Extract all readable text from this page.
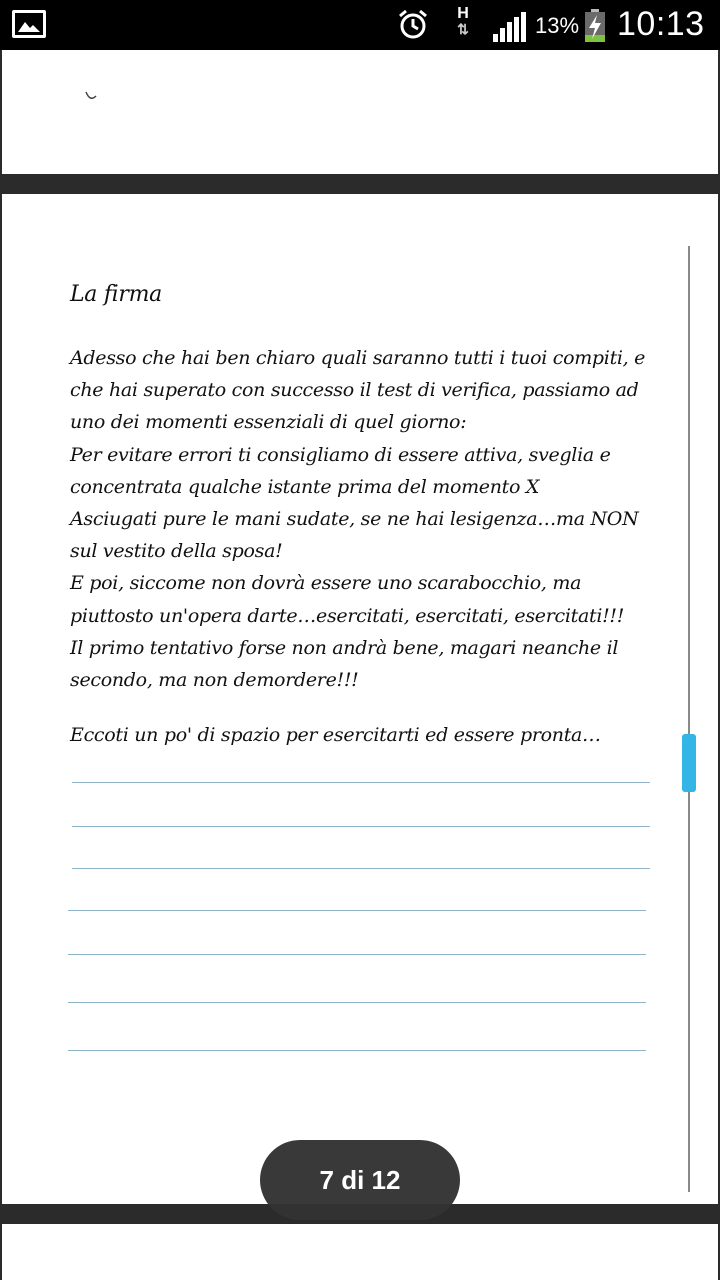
H
⇅	13% 10:13
La firma

Adesso che hai ben chiaro quali saranno tutti i tuoi compiti, e che hai superato con successo il test di verifica, passiamo ad uno dei momenti essenziali di quel giorno:

Per evitare errori ti consigliamo di essere attiva, sveglia e concentrata qualche istante prima del momento X

Asciugati pure le mani sudate, se ne hai lesigenza…ma NON sul vestito della sposa!

E poi, siccome non dovrà essere uno scarabocchio, ma piuttosto un'opera darte…esercitati, esercitati, esercitati!!!

Il primo tentativo forse non andrà bene, magari neanche il secondo, ma non demordere!!!

Eccoti un po' di spazio per esercitarti ed essere pronta…
7 di 12
